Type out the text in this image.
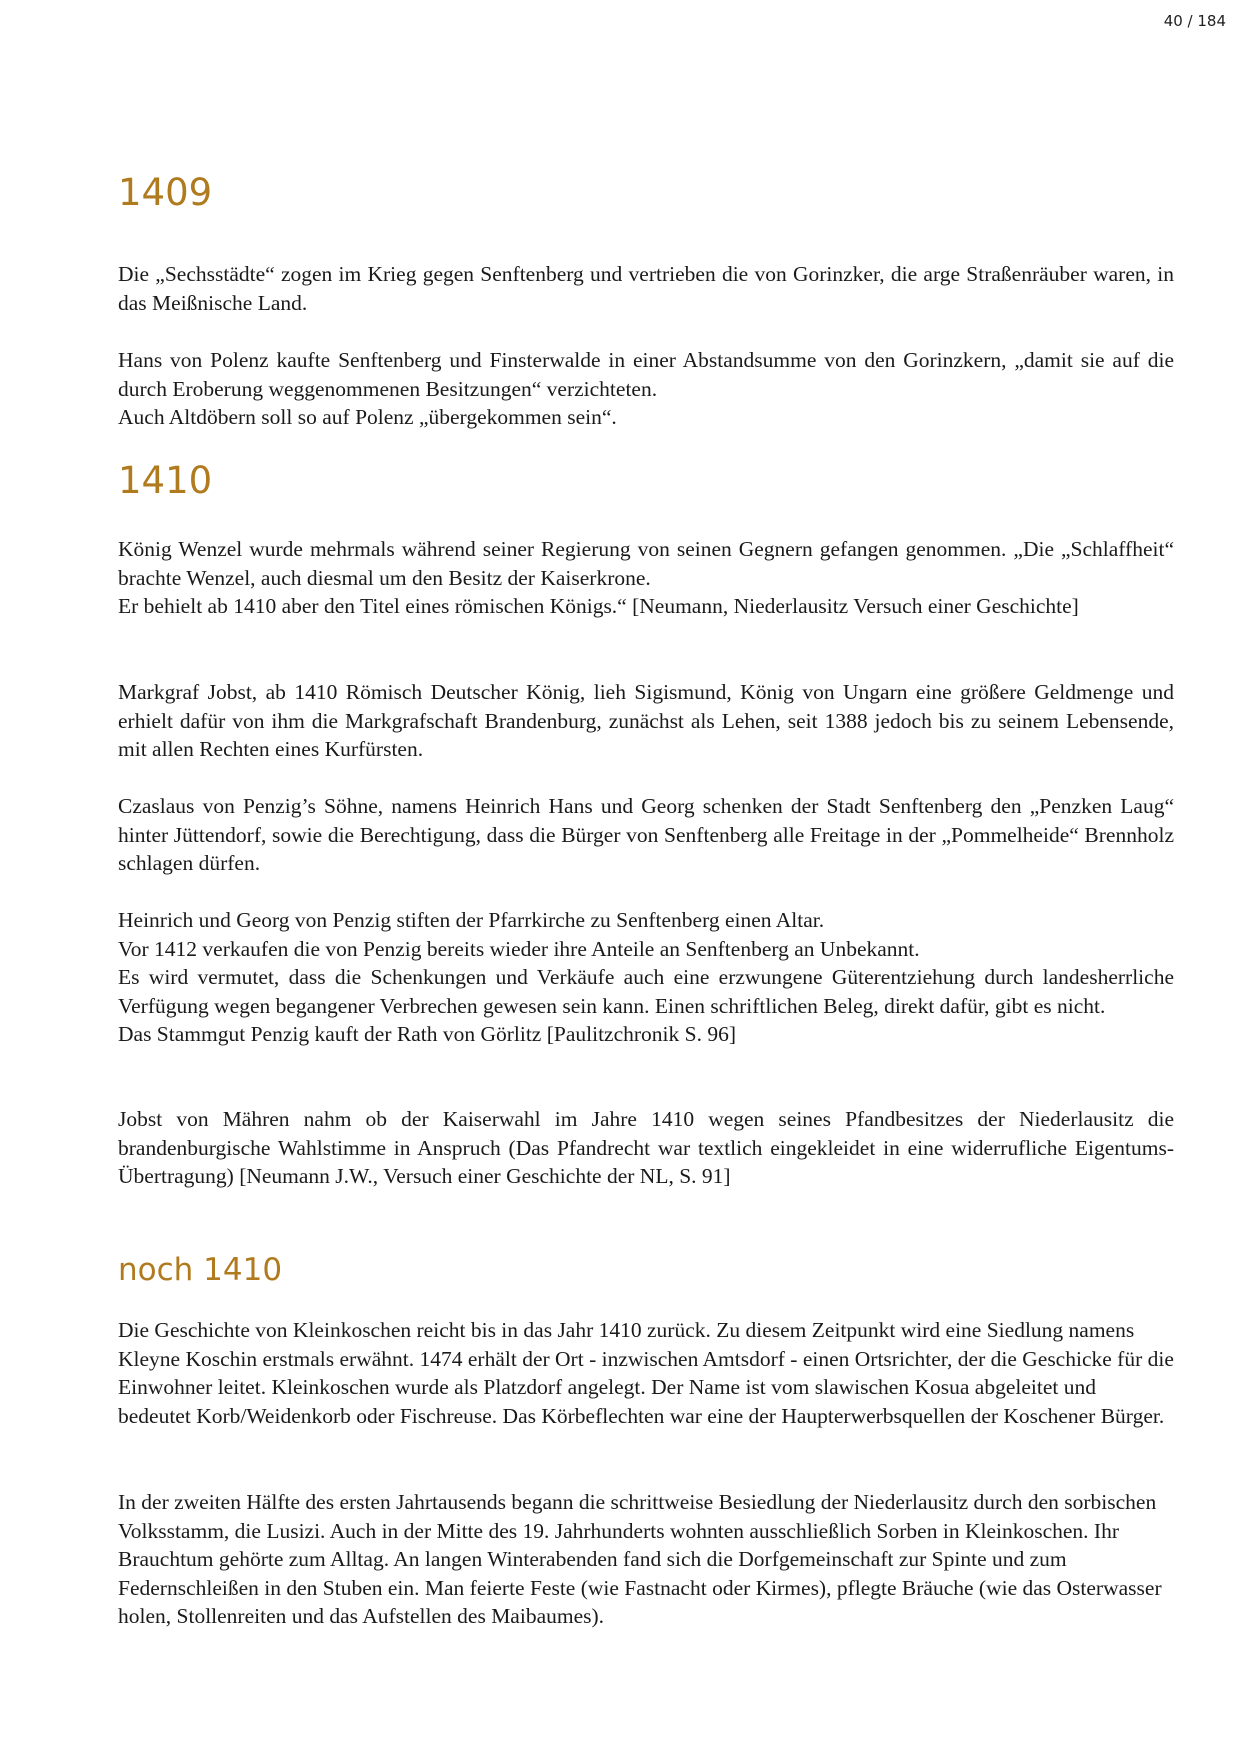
40 / 184
1409

Die „Sechsstädte“ zogen im Krieg gegen Senftenberg und vertrieben die von Gorinzker, die arge Straßenräuber waren, in das Meißnische Land.

Hans von Polenz kaufte Senftenberg und Finsterwalde in einer Abstandsumme von den Gorinzkern, „damit sie auf die durch Eroberung weggenommenen Besitzungen“ verzichteten.

Auch Altdöbern soll so auf Polenz „übergekommen sein“.

1410

König Wenzel wurde mehrmals während seiner Regierung von seinen Gegnern gefangen genommen. „Die „Schlaffheit“ brachte Wenzel, auch diesmal um den Besitz der Kaiserkrone.

Er behielt ab 1410 aber den Titel eines römischen Königs.“ [Neumann, Niederlausitz Versuch einer Geschichte]

Markgraf Jobst, ab 1410 Römisch Deutscher König, lieh Sigismund, König von Ungarn eine größere Geldmenge und erhielt dafür von ihm die Markgrafschaft Brandenburg, zunächst als Lehen, seit 1388 jedoch bis zu seinem Lebensende, mit allen Rechten eines Kurfürsten.

Czaslaus von Penzig’s Söhne, namens Heinrich Hans und Georg schenken der Stadt Senftenberg den „Penzken Laug“ hinter Jüttendorf, sowie die Berechtigung, dass die Bürger von Senftenberg alle Freitage in der „Pommelheide“ Brennholz schlagen dürfen.

Heinrich und Georg von Penzig stiften der Pfarrkirche zu Senftenberg einen Altar.

Vor 1412 verkaufen die von Penzig bereits wieder ihre Anteile an Senftenberg an Unbekannt.

Es wird vermutet, dass die Schenkungen und Verkäufe auch eine erzwungene Güterentziehung durch landesherrliche Verfügung wegen begangener Verbrechen gewesen sein kann. Einen schriftlichen Beleg, direkt dafür, gibt es nicht.

Das Stammgut Penzig kauft der Rath von Görlitz [Paulitzchronik S. 96]

Jobst von Mähren nahm ob der Kaiserwahl im Jahre 1410 wegen seines Pfandbesitzes der Niederlausitz die brandenburgische Wahlstimme in Anspruch (Das Pfandrecht war textlich eingekleidet in eine widerrufliche Eigentums-Übertragung) [Neumann J.W., Versuch einer Geschichte der NL, S. 91]

noch 1410

Die Geschichte von Kleinkoschen reicht bis in das Jahr 1410 zurück. Zu diesem Zeitpunkt wird eine Siedlung namens Kleyne Koschin erstmals erwähnt. 1474 erhält der Ort - inzwischen Amtsdorf - einen Ortsrichter, der die Geschicke für die Einwohner leitet. Kleinkoschen wurde als Platzdorf angelegt. Der Name ist vom slawischen Kosua abgeleitet und bedeutet Korb/Weidenkorb oder Fischreuse. Das Körbeflechten war eine der Haupterwerbsquellen der Koschener Bürger.

In der zweiten Hälfte des ersten Jahrtausends begann die schrittweise Besiedlung der Niederlausitz durch den sorbischen Volksstamm, die Lusizi. Auch in der Mitte des 19. Jahrhunderts wohnten ausschließlich Sorben in Kleinkoschen. Ihr Brauchtum gehörte zum Alltag. An langen Winterabenden fand sich die Dorfgemeinschaft zur Spinte und zum Federnschleißen in den Stuben ein. Man feierte Feste (wie Fastnacht oder Kirmes), pflegte Bräuche (wie das Osterwasser holen, Stollenreiten und das Aufstellen des Maibaumes).
